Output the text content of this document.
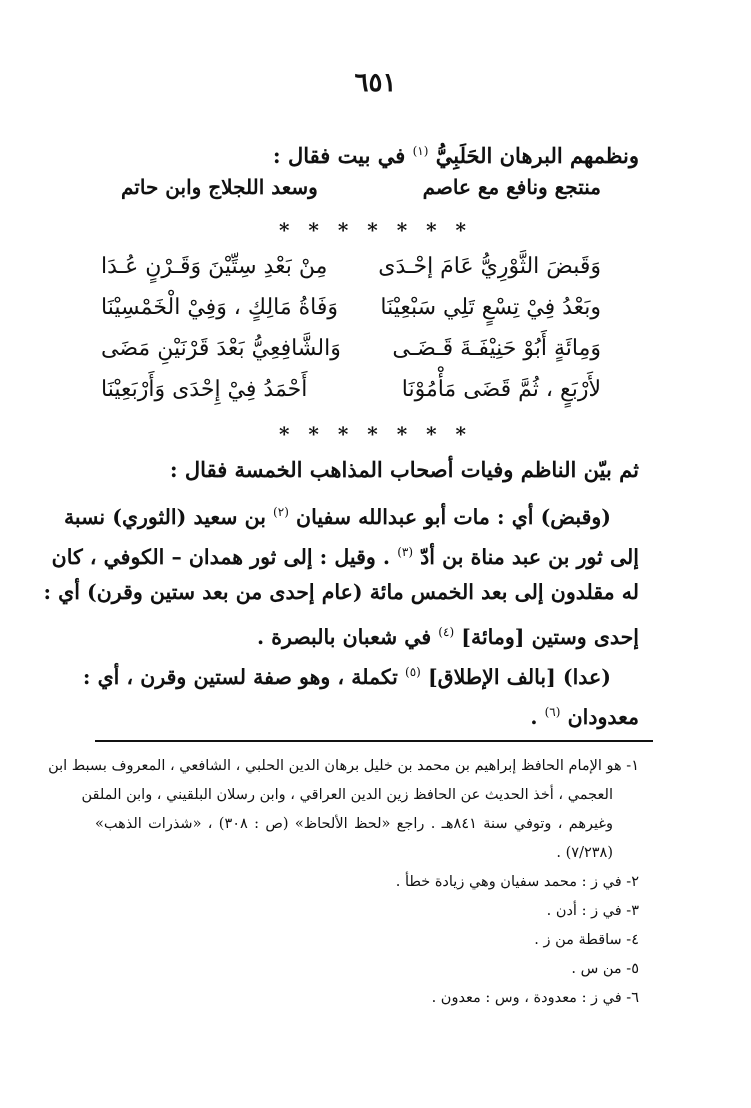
٦٥١
ونظمهم البرهان الحَلَبِيُّ $^{(١)}$ في بيت فقال :
منتجع ونافع مع عاصم
وسعد اللجلاج وابن حاتم
* * * * * * *
وَقَبضَ الثَّوْرِيُّ عَامَ إحْـدَى
مِنْ بَعْدِ سِتِّيْنَ وَقَـرْنٍ عُـدَا
وبَعْدُ فِيْ تِسْعٍ تَلِي سَبْعِيْنَا
وَفَاةُ مَالِكٍ ، وَفِيْ الْخَمْسِيْنَا
وَمِائَةٍ أَبُوْ حَنِيْفَـةَ قَـضَـى
وَالشَّافِعِيُّ بَعْدَ قَرْنَيْنِ مَضَى
لأَرْبَعٍ ، ثُمَّ قَضَى مَأْمُوْنَا
أَحْمَدُ فِيْ إِحْدَى وَأَرْبَعِيْنَا
* * * * * * *
ثم بيّن الناظم وفيات أصحاب المذاهب الخمسة فقال :
(وقبض) أي : مات أبو عبدالله سفيان $^{(٢)}$ بن سعيد (الثوري) نسبة
إلى ثور بن عبد مناة بن أدّ $^{(٣)}$ . وقيل : إلى ثور همدان – الكوفي ، كان
له مقلدون إلى بعد الخمس مائة (عام إحدى من بعد ستين وقرن) أي :
إحدى وستين [ومائة] $^{(٤)}$ في شعبان بالبصرة .
(عدا) [بالف الإطلاق] $^{(٥)}$ تكملة ، وهو صفة لستين وقرن ، أي :
معدودان $^{(٦)}$ .
١- هو الإمام الحافظ إبراهيم بن محمد بن خليل برهان الدين الحلبي ، الشافعي ، المعروف بسبط ابن
العجمي ، أخذ الحديث عن الحافظ زين الدين العراقي ، وابن رسلان البلقيني ، وابن الملقن
وغيرهم ، وتوفي سنة ٨٤١هـ . راجع «لحظ الألحاظ» (ص : ٣٠٨) ، «شذرات الذهب»
(٧/٢٣٨) .
٢- في ز : محمد سفيان وهي زيادة خطأ .
٣- في ز : أدن .
٤- ساقطة من ز .
٥- من س .
٦- في ز : معدودة ، وس : معدون .
